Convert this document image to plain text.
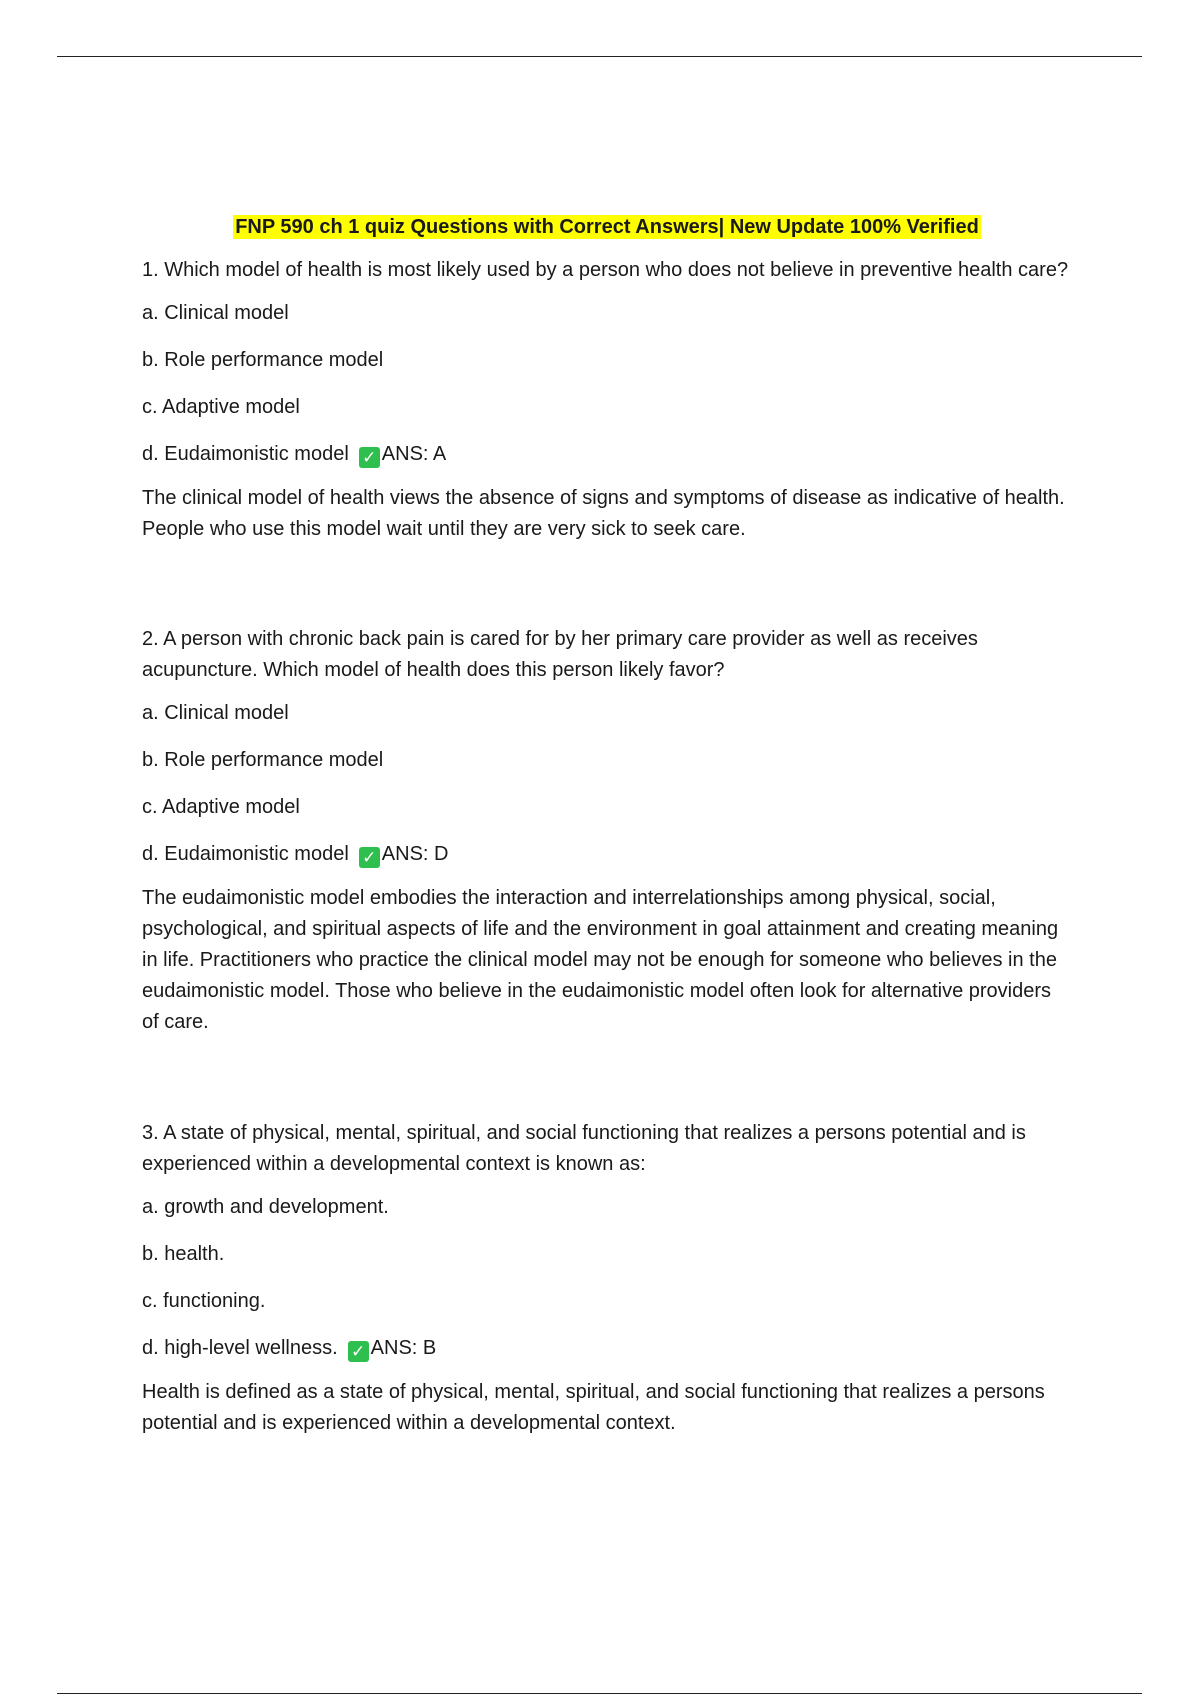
FNP 590 ch 1 quiz Questions with Correct Answers| New Update 100% Verified

1. Which model of health is most likely used by a person who does not believe in preventive health care?

a. Clinical model

b. Role performance model

c. Adaptive model

d. Eudaimonistic model ✓ ANS: A

The clinical model of health views the absence of signs and symptoms of disease as indicative of health. People who use this model wait until they are very sick to seek care.

2. A person with chronic back pain is cared for by her primary care provider as well as receives acupuncture. Which model of health does this person likely favor?

a. Clinical model

b. Role performance model

c. Adaptive model

d. Eudaimonistic model ✓ ANS: D

The eudaimonistic model embodies the interaction and interrelationships among physical, social, psychological, and spiritual aspects of life and the environment in goal attainment and creating meaning in life. Practitioners who practice the clinical model may not be enough for someone who believes in the eudaimonistic model. Those who believe in the eudaimonistic model often look for alternative providers of care.

3. A state of physical, mental, spiritual, and social functioning that realizes a persons potential and is experienced within a developmental context is known as:

a. growth and development.

b. health.

c. functioning.

d. high-level wellness. ✓ ANS: B

Health is defined as a state of physical, mental, spiritual, and social functioning that realizes a persons potential and is experienced within a developmental context.
